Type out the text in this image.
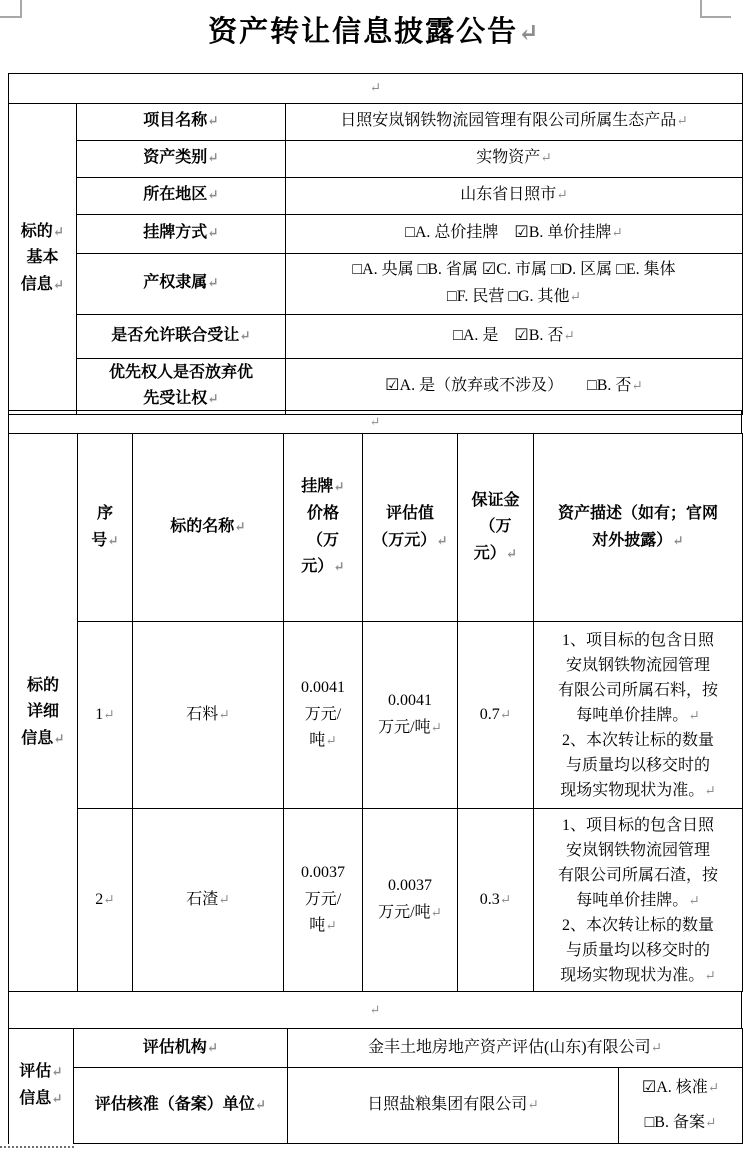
资产转让信息披露公告↵
↵		
标的↵
基本
信息↵	项目名称↵	日照安岚钢铁物流园管理有限公司所属生态产品↵
	资产类别↵	实物资产↵
	所在地区↵	山东省日照市↵
	挂牌方式↵	□A. 总价挂牌　☑B. 单价挂牌↵
	产权隶属↵	□A. 央属 □B. 省属 ☑C. 市属 □D. 区属 □E. 集体
□F. 民营 □G. 其他↵
	是否允许联合受让↵	□A. 是　☑B. 否↵
	优先权人是否放弃优
先受让权↵	☑A. 是（放弃或不涉及）　　□B. 否↵
↵
标的
详细
信息↵	序
号↵	标的名称↵	挂牌↵
价格
（万
元）↵	评估值
（万元）↵	保证金
（万
元）↵	资产描述（如有；官网
对外披露）↵
1↵	石料↵	0.0041
万元/
吨↵	0.0041
万元/吨↵	0.7↵	1、项目标的包含日照
安岚钢铁物流园管理
有限公司所属石料，按
每吨单价挂牌。↵
2、本次转让标的数量
与质量均以移交时的
现场实物现状为准。↵
2↵	石渣↵	0.0037
万元/
吨↵	0.0037
万元/吨↵	0.3↵	1、项目标的包含日照
安岚钢铁物流园管理
有限公司所属石渣，按
每吨单价挂牌。↵
2、本次转让标的数量
与质量均以移交时的
现场实物现状为准。↵
↵
评估↵
信息↵	评估机构↵	金丰土地房地产资产评估(山东)有限公司↵	
	评估核准（备案）单位↵	日照盐粮集团有限公司↵	☑A. 核准↵
□B. 备案↵
